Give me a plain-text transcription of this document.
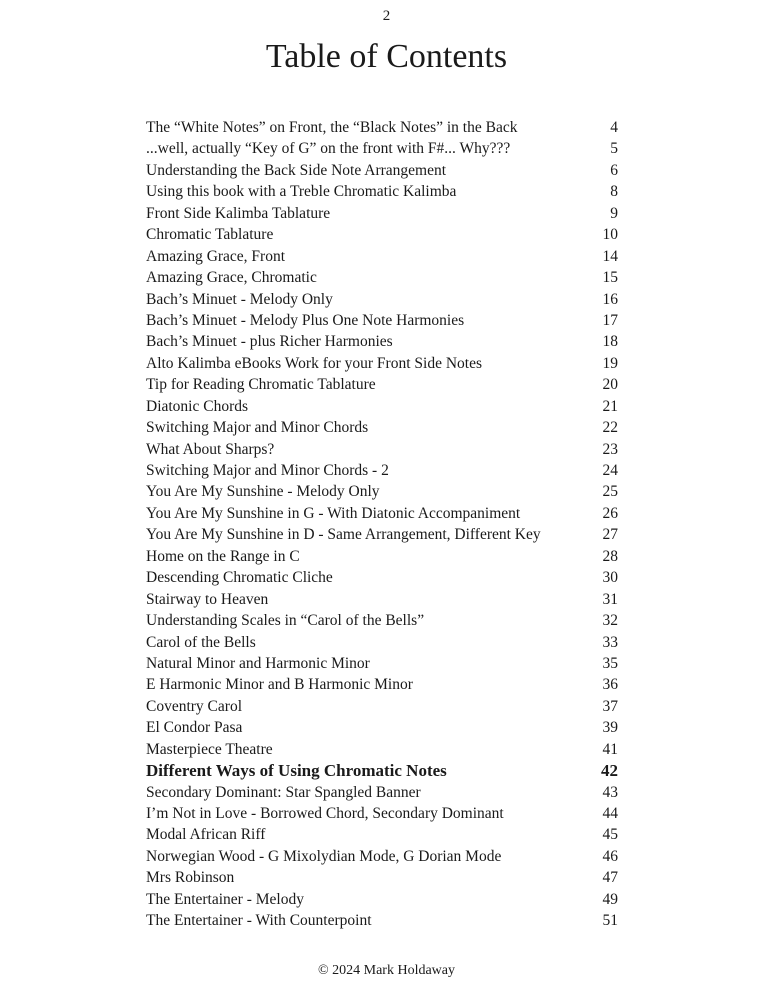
2
Table of Contents
The “White Notes” on Front, the “Black Notes” in the Back	4
...well, actually “Key of G” on the front with F#... Why???	5
Understanding the Back Side Note Arrangement	6
Using this book with a Treble Chromatic Kalimba	8
Front Side Kalimba Tablature	9
Chromatic Tablature	10
Amazing Grace, Front	14
Amazing Grace, Chromatic	15
Bach’s Minuet - Melody Only	16
Bach’s Minuet - Melody Plus One Note Harmonies	17
Bach’s Minuet - plus Richer Harmonies	18
Alto Kalimba eBooks Work for your Front Side Notes	19
Tip for Reading Chromatic Tablature	20
Diatonic Chords	21
Switching Major and Minor Chords	22
What About Sharps?	23
Switching Major and Minor Chords - 2	24
You Are My Sunshine - Melody Only	25
You Are My Sunshine in G - With Diatonic Accompaniment	26
You Are My Sunshine in D - Same Arrangement, Different Key	27
Home on the Range in C	28
Descending Chromatic Cliche	30
Stairway to Heaven	31
Understanding Scales in “Carol of the Bells”	32
Carol of the Bells	33
Natural Minor and Harmonic Minor	35
E Harmonic Minor and B Harmonic Minor	36
Coventry Carol	37
El Condor Pasa	39
Masterpiece Theatre	41
Different Ways of Using Chromatic Notes	42
Secondary Dominant: Star Spangled Banner	43
I’m Not in Love - Borrowed Chord, Secondary Dominant	44
Modal African Riff	45
Norwegian Wood - G Mixolydian Mode, G Dorian Mode	46
Mrs Robinson	47
The Entertainer - Melody	49
The Entertainer - With Counterpoint	51
© 2024 Mark Holdaway
